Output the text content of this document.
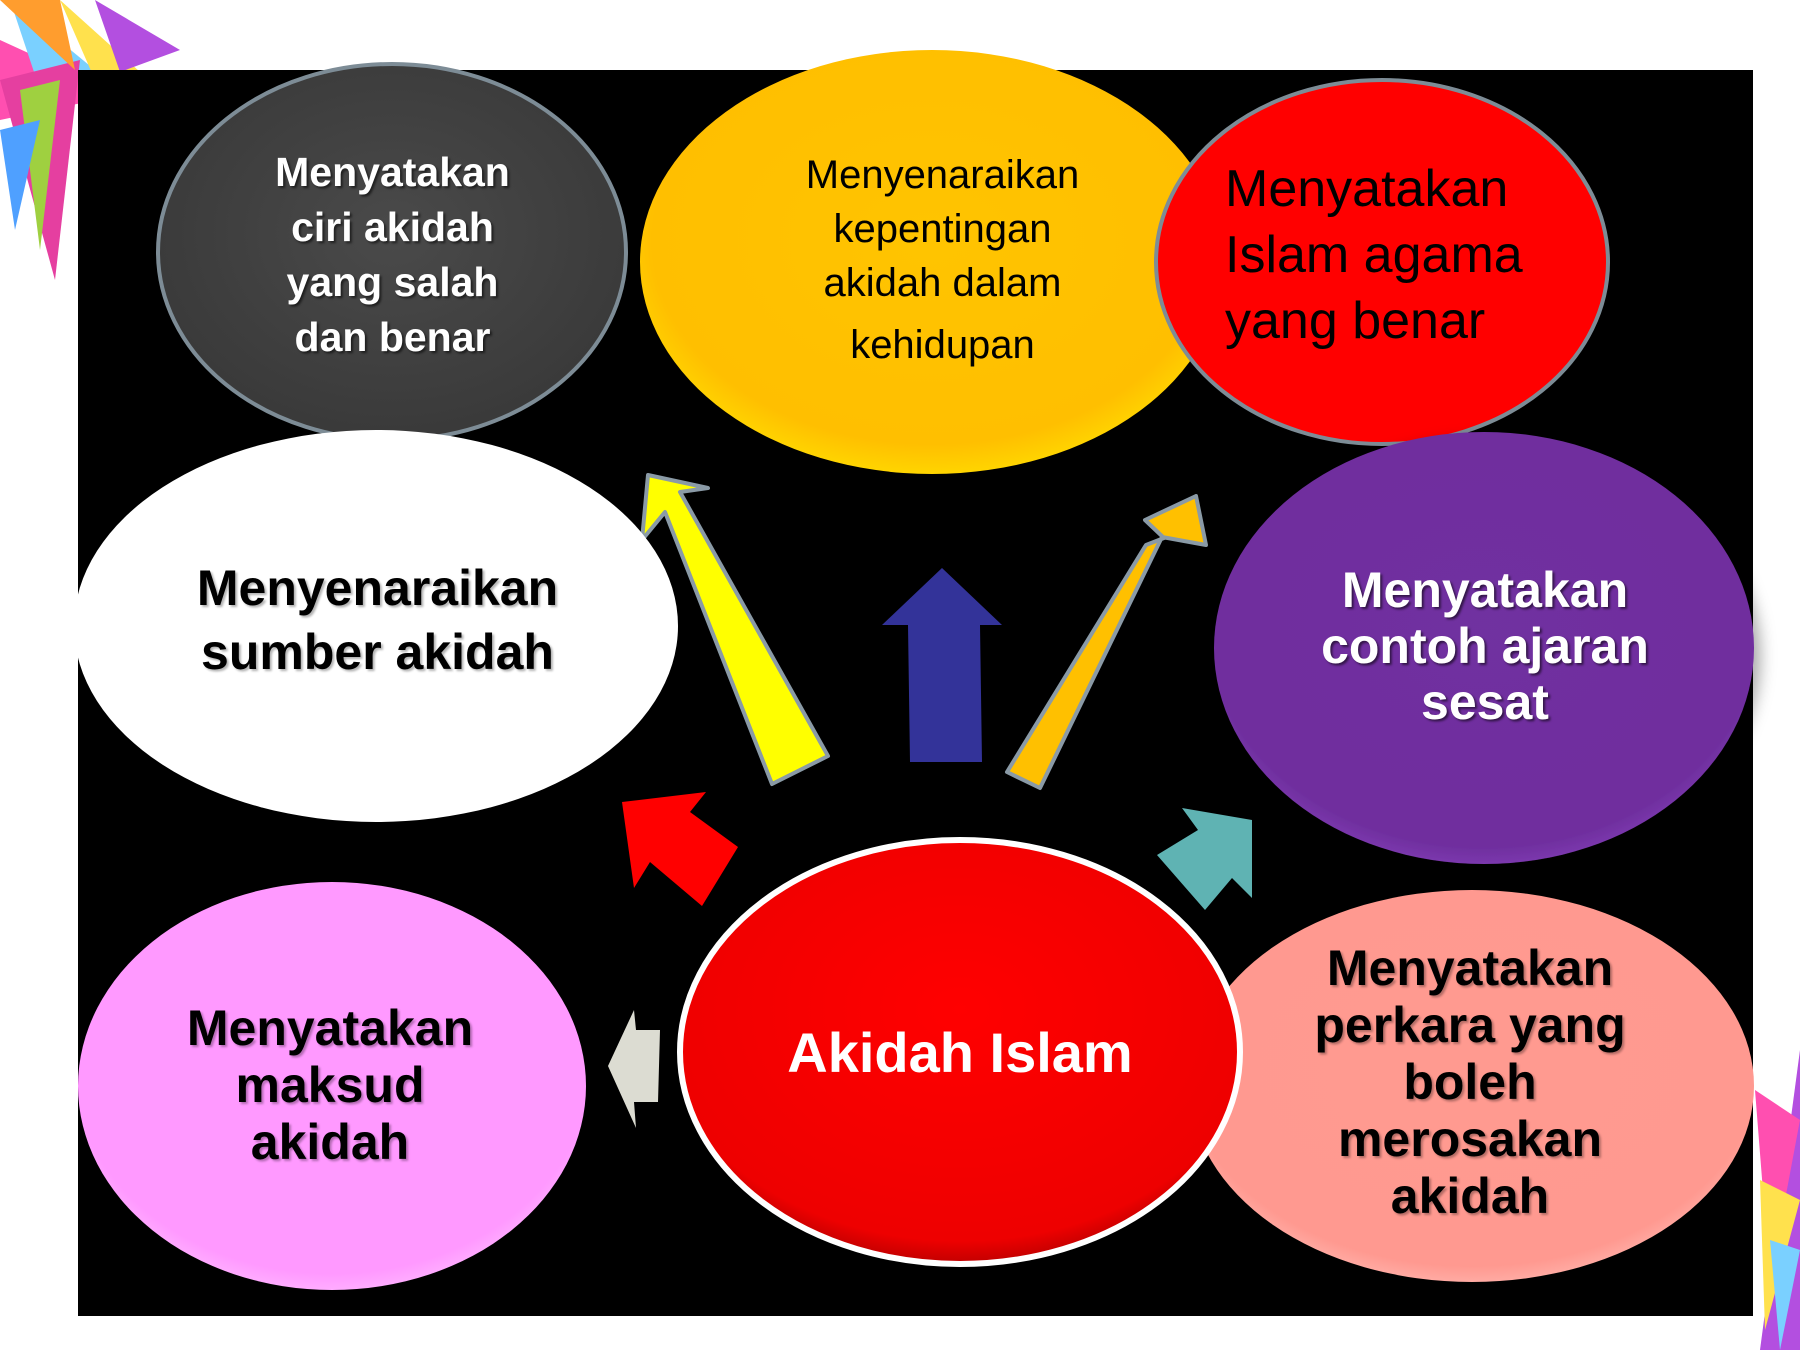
Menyatakan
ciri akidah
yang salah
dan benar
Menyenaraikan
kepentingan
akidah dalam
kehidupan
Menyatakan
Islam agama
yang benar
Menyenaraikan
sumber akidah
Menyatakan
contoh ajaran
sesat
Menyatakan
maksud
akidah
Menyatakan
perkara yang
boleh
merosakan
akidah
Akidah Islam
